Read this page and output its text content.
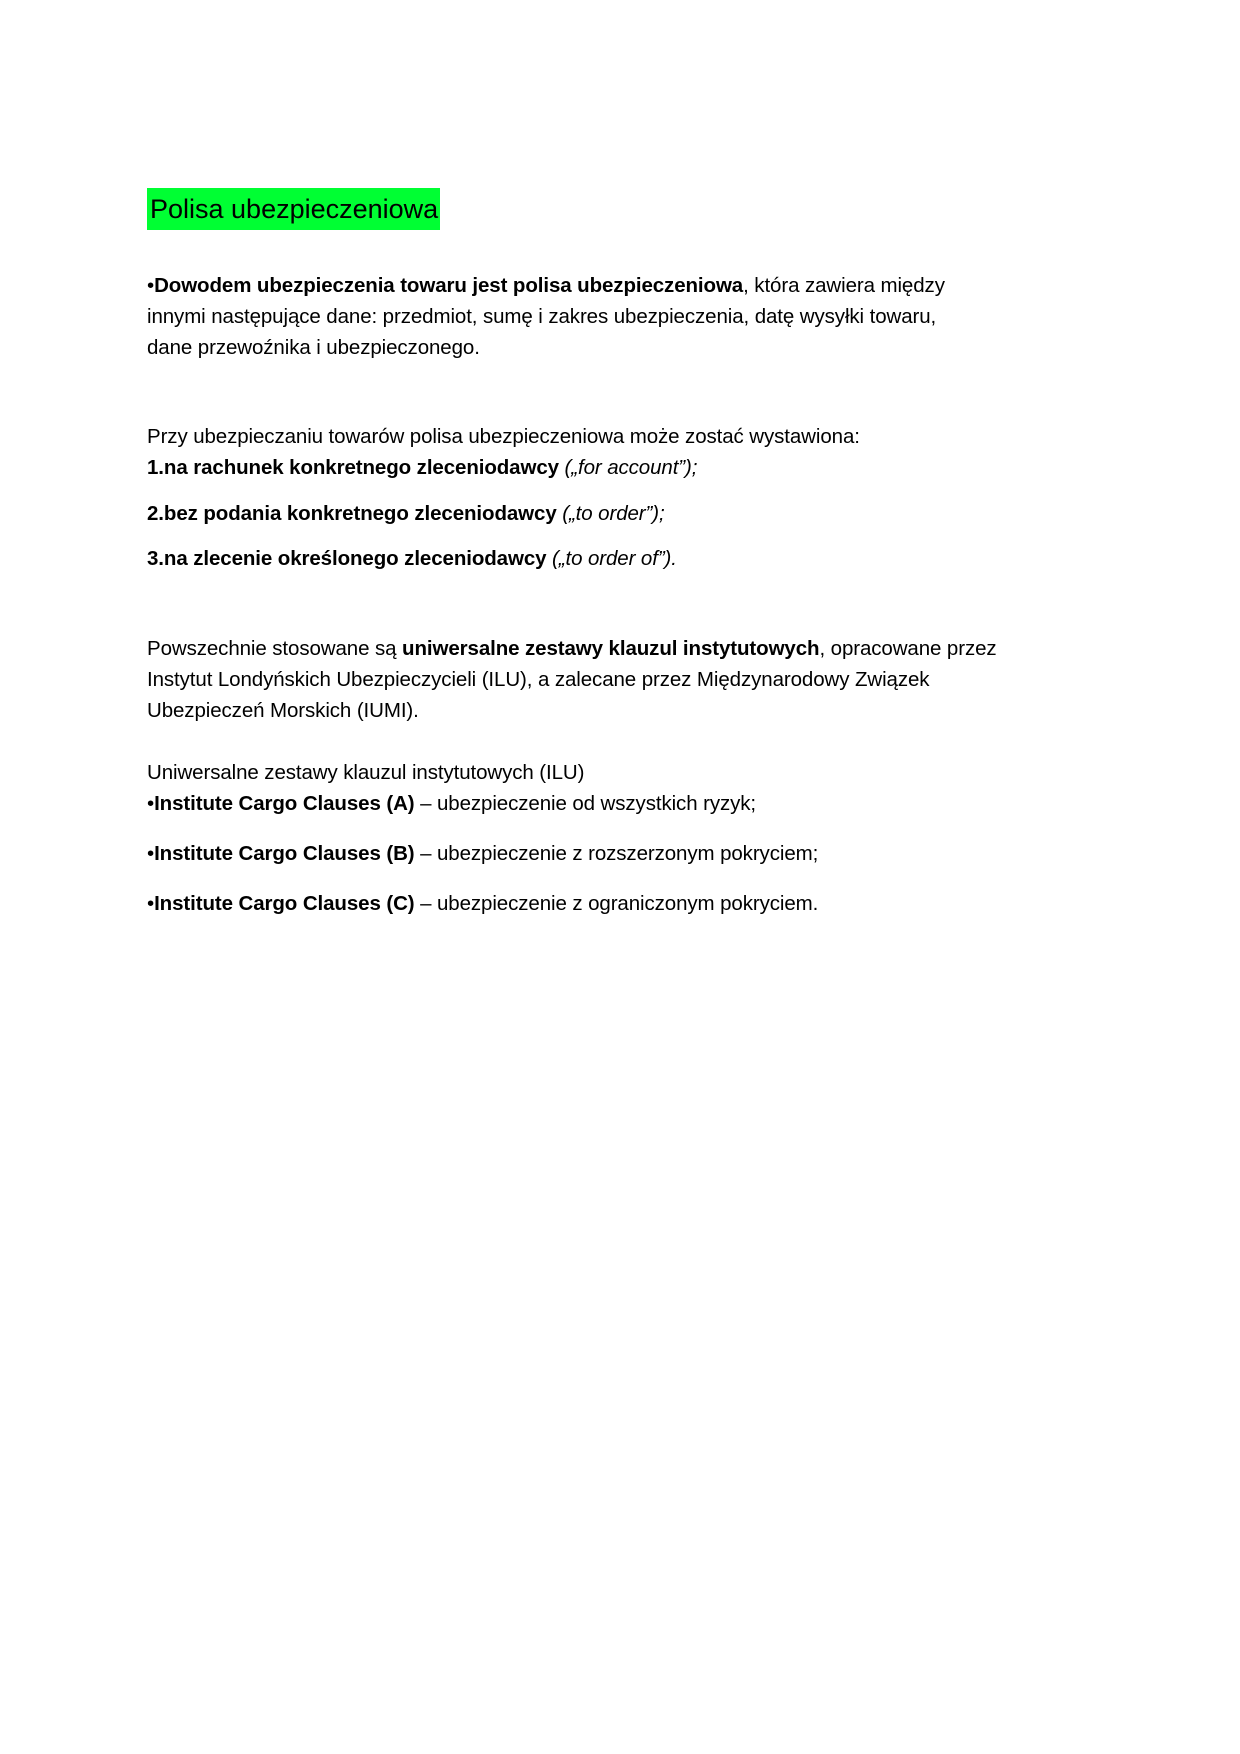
Polisa ubezpieczeniowa
•Dowodem ubezpieczenia towaru jest polisa ubezpieczeniowa, która zawiera między
innymi następujące dane: przedmiot, sumę i zakres ubezpieczenia, datę wysyłki towaru,
dane przewoźnika i ubezpieczonego.
Przy ubezpieczaniu towarów polisa ubezpieczeniowa może zostać wystawiona:
1.na rachunek konkretnego zleceniodawcy („for account”);
2.bez podania konkretnego zleceniodawcy („to order”);
3.na zlecenie określonego zleceniodawcy („to order of”).
Powszechnie stosowane są uniwersalne zestawy klauzul instytutowych, opracowane przez
Instytut Londyńskich Ubezpieczycieli (ILU), a zalecane przez Międzynarodowy Związek
Ubezpieczeń Morskich (IUMI).
Uniwersalne zestawy klauzul instytutowych (ILU)
•Institute Cargo Clauses (A) – ubezpieczenie od wszystkich ryzyk;
•Institute Cargo Clauses (B) – ubezpieczenie z rozszerzonym pokryciem;
•Institute Cargo Clauses (C) – ubezpieczenie z ograniczonym pokryciem.
